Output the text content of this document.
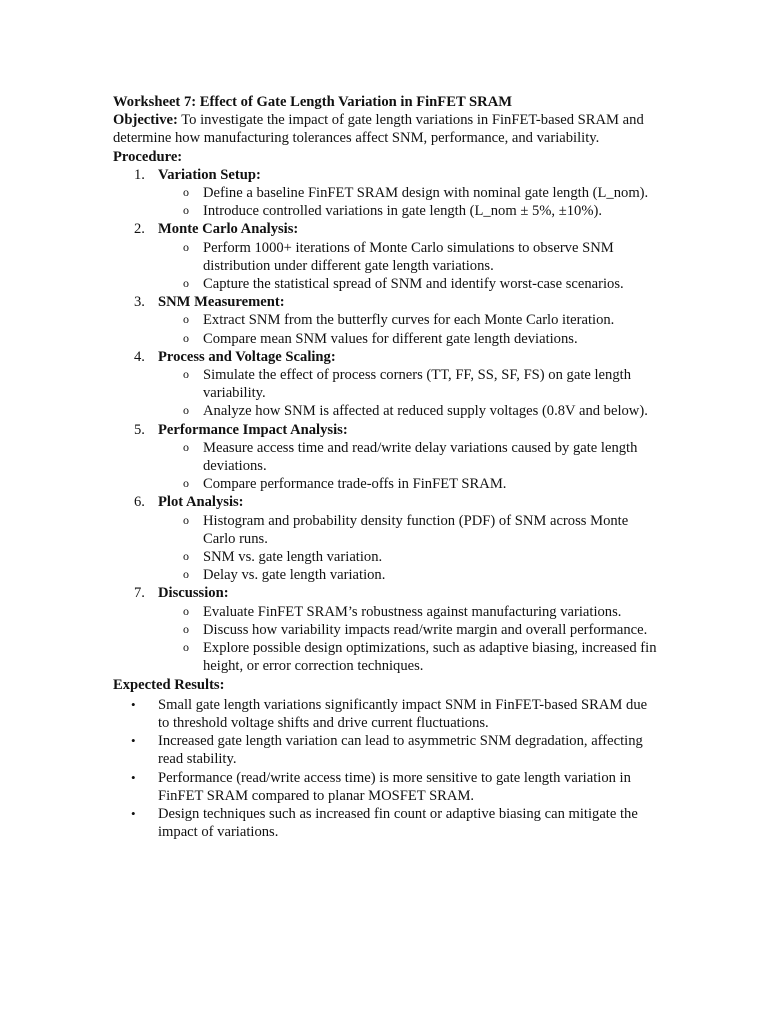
Worksheet 7: Effect of Gate Length Variation in FinFET SRAM

Objective: To investigate the impact of gate length variations in FinFET-based SRAM and determine how manufacturing tolerances affect SNM, performance, and variability.

Procedure:

1. Variation Setup:
o Define a baseline FinFET SRAM design with nominal gate length (L_nom).
o Introduce controlled variations in gate length (L_nom ± 5%, ±10%).
2. Monte Carlo Analysis:
o Perform 1000+ iterations of Monte Carlo simulations to observe SNM distribution under different gate length variations.
o Capture the statistical spread of SNM and identify worst-case scenarios.
3. SNM Measurement:
o Extract SNM from the butterfly curves for each Monte Carlo iteration.
o Compare mean SNM values for different gate length deviations.
4. Process and Voltage Scaling:
o Simulate the effect of process corners (TT, FF, SS, SF, FS) on gate length variability.
o Analyze how SNM is affected at reduced supply voltages (0.8V and below).
5. Performance Impact Analysis:
o Measure access time and read/write delay variations caused by gate length deviations.
o Compare performance trade-offs in FinFET SRAM.
6. Plot Analysis:
o Histogram and probability density function (PDF) of SNM across Monte Carlo runs.
o SNM vs. gate length variation.
o Delay vs. gate length variation.
7. Discussion:
o Evaluate FinFET SRAM’s robustness against manufacturing variations.
o Discuss how variability impacts read/write margin and overall performance.
o Explore possible design optimizations, such as adaptive biasing, increased fin height, or error correction techniques.

Expected Results:

• Small gate length variations significantly impact SNM in FinFET-based SRAM due to threshold voltage shifts and drive current fluctuations.
• Increased gate length variation can lead to asymmetric SNM degradation, affecting read stability.
• Performance (read/write access time) is more sensitive to gate length variation in FinFET SRAM compared to planar MOSFET SRAM.
• Design techniques such as increased fin count or adaptive biasing can mitigate the impact of variations.
